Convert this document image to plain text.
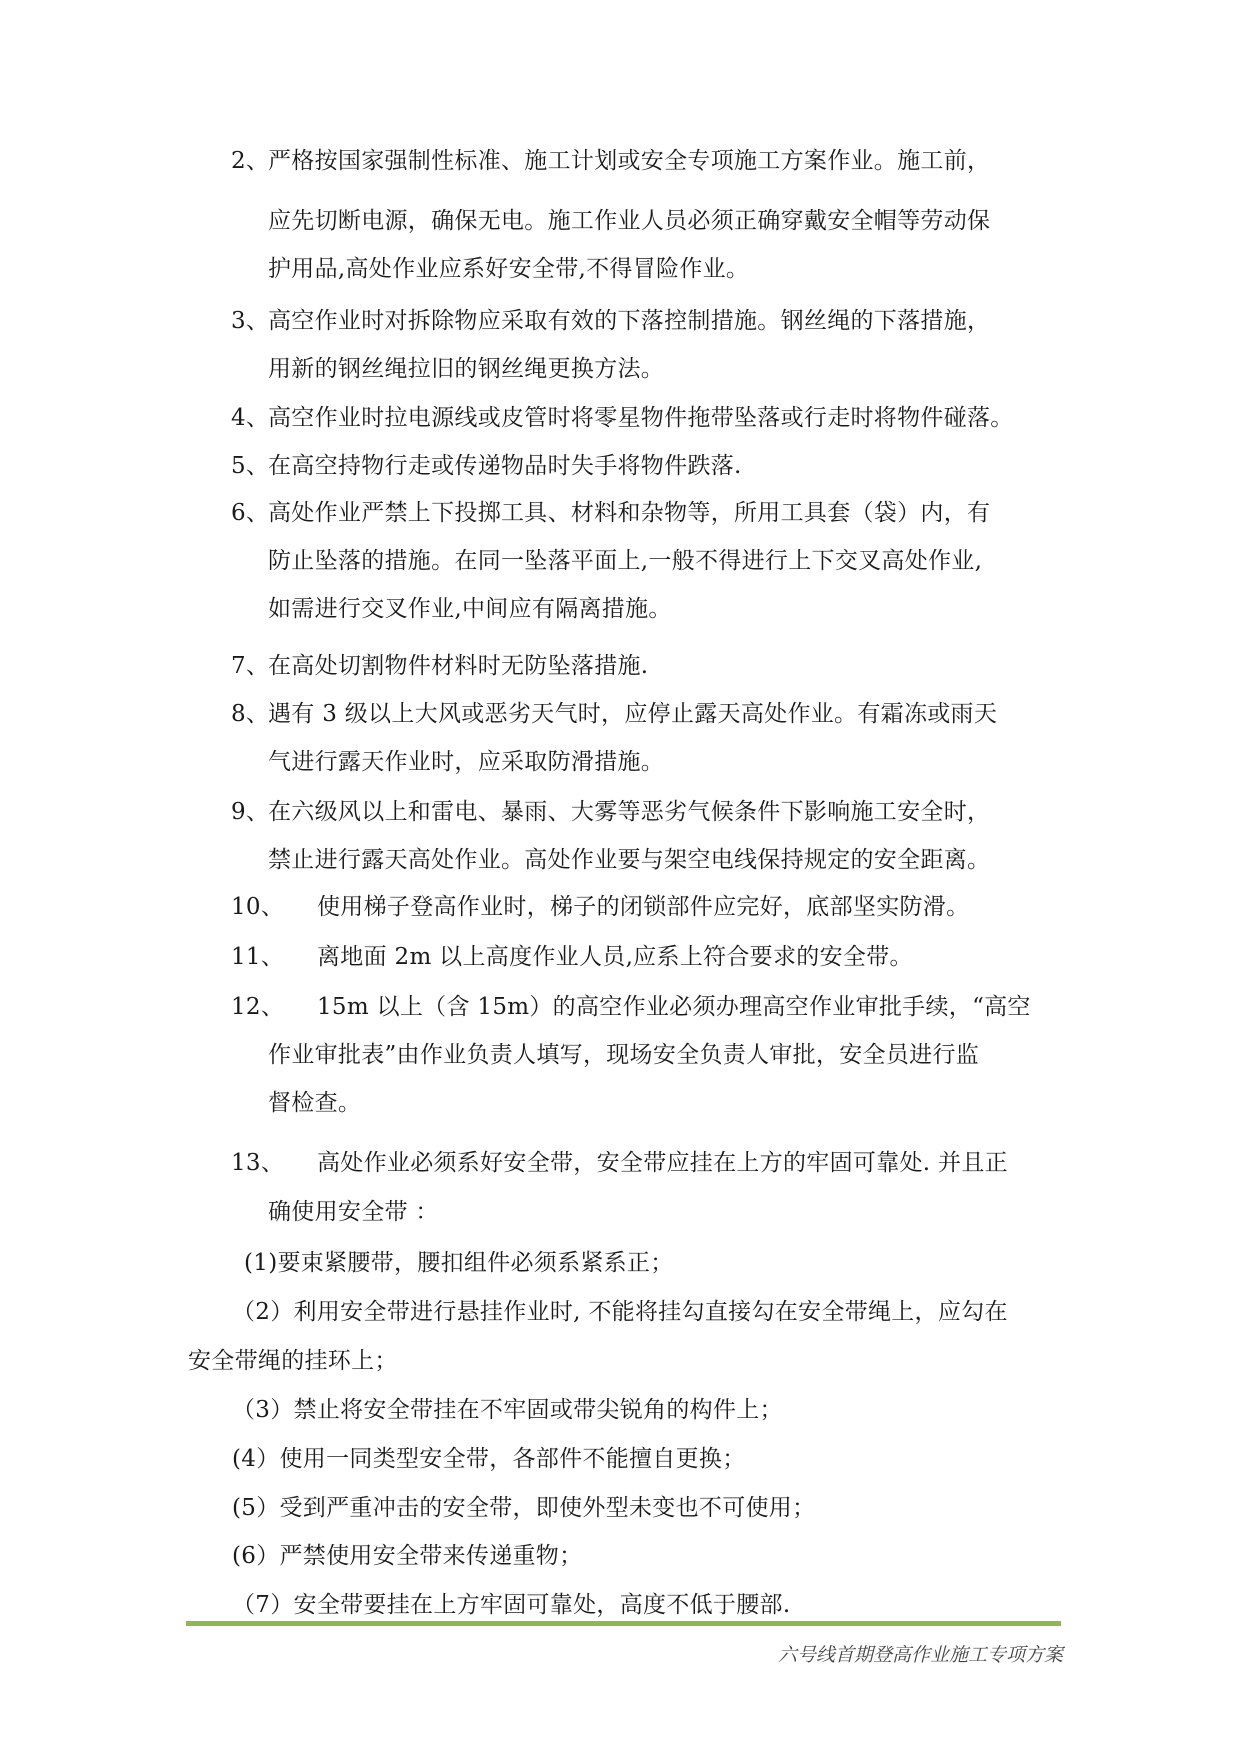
2、
严格按国家强制性标准、施工计划或安全专项施工方案作业。施工前，
应先切断电源，确保无电。施工作业人员必须正确穿戴安全帽等劳动保
护用品,高处作业应系好安全带,不得冒险作业。
3、
高空作业时对拆除物应采取有效的下落控制措施。钢丝绳的下落措施，
用新的钢丝绳拉旧的钢丝绳更换方法。
4、
高空作业时拉电源线或皮管时将零星物件拖带坠落或行走时将物件碰落。
5、
在高空持物行走或传递物品时失手将物件跌落.
6、
高处作业严禁上下投掷工具、材料和杂物等，所用工具套（袋）内，有
防止坠落的措施。在同一坠落平面上,一般不得进行上下交叉高处作业,
如需进行交叉作业,中间应有隔离措施。
7、
在高处切割物件材料时无防坠落措施.
8、
遇有 3 级以上大风或恶劣天气时，应停止露天高处作业。有霜冻或雨天
气进行露天作业时，应采取防滑措施。
9、
在六级风以上和雷电、暴雨、大雾等恶劣气候条件下影响施工安全时，
禁止进行露天高处作业。高处作业要与架空电线保持规定的安全距离。
10、 使用梯子登高作业时，梯子的闭锁部件应完好，底部坚实防滑。
11、 离地面 2m 以上高度作业人员,应系上符合要求的安全带。
12、 15m 以上（含 15m）的高空作业必须办理高空作业审批手续，“高空
作业审批表”由作业负责人填写，现场安全负责人审批，安全员进行监
督检查。
13、 高处作业必须系好安全带，安全带应挂在上方的牢固可靠处. 并且正
确使用安全带 ：
(1)要束紧腰带，腰扣组件必须系紧系正；
（2）利用安全带进行悬挂作业时, 不能将挂勾直接勾在安全带绳上，应勾在
安全带绳的挂环上；
（3）禁止将安全带挂在不牢固或带尖锐角的构件上；
(4）使用一同类型安全带，各部件不能擅自更换；
(5）受到严重冲击的安全带，即使外型未变也不可使用；
(6）严禁使用安全带来传递重物；
（7）安全带要挂在上方牢固可靠处，高度不低于腰部.
六号线首期登高作业施工专项方案
